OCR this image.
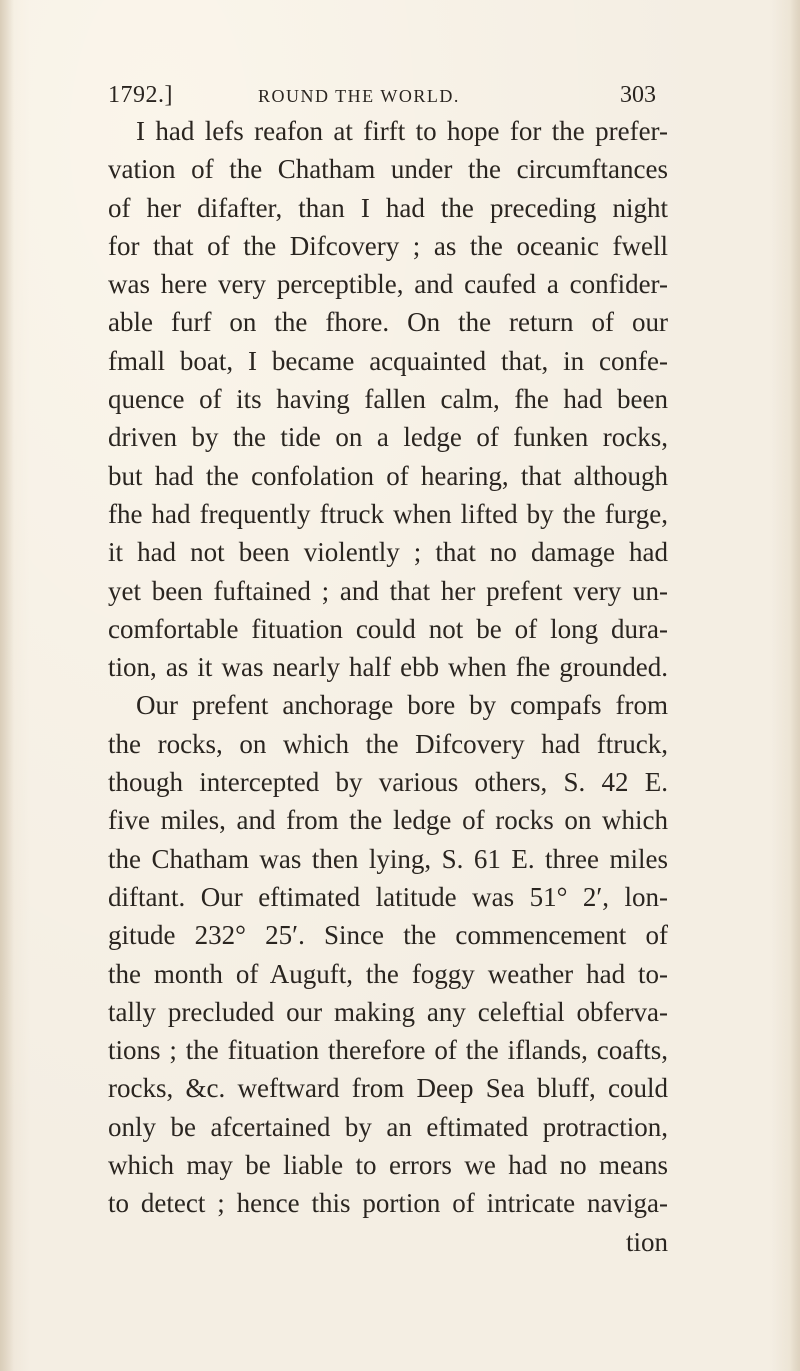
1792.]	ROUND THE WORLD.	303
I had lefs reafon at firft to hope for the prefer-
vation of the Chatham under the circumftances
of her difafter, than I had the preceding night
for that of the Difcovery ; as the oceanic fwell
was here very perceptible, and caufed a confider-
able furf on the fhore. On the return of our
fmall boat, I became acquainted that, in confe-
quence of its having fallen calm, fhe had been
driven by the tide on a ledge of funken rocks,
but had the confolation of hearing, that although
fhe had frequently ftruck when lifted by the furge,
it had not been violently ; that no damage had
yet been fuftained ; and that her prefent very un-
comfortable fituation could not be of long dura-
tion, as it was nearly half ebb when fhe grounded.
Our prefent anchorage bore by compafs from
the rocks, on which the Difcovery had ftruck,
though intercepted by various others, S. 42 E.
five miles, and from the ledge of rocks on which
the Chatham was then lying, S. 61 E. three miles
diftant. Our eftimated latitude was 51° 2′, lon-
gitude 232° 25′. Since the commencement of
the month of Auguft, the foggy weather had to-
tally precluded our making any celeftial obferva-
tions ; the fituation therefore of the iflands, coafts,
rocks, &c. weftward from Deep Sea bluff, could
only be afcertained by an eftimated protraction,
which may be liable to errors we had no means
to detect ; hence this portion of intricate naviga-
tion
